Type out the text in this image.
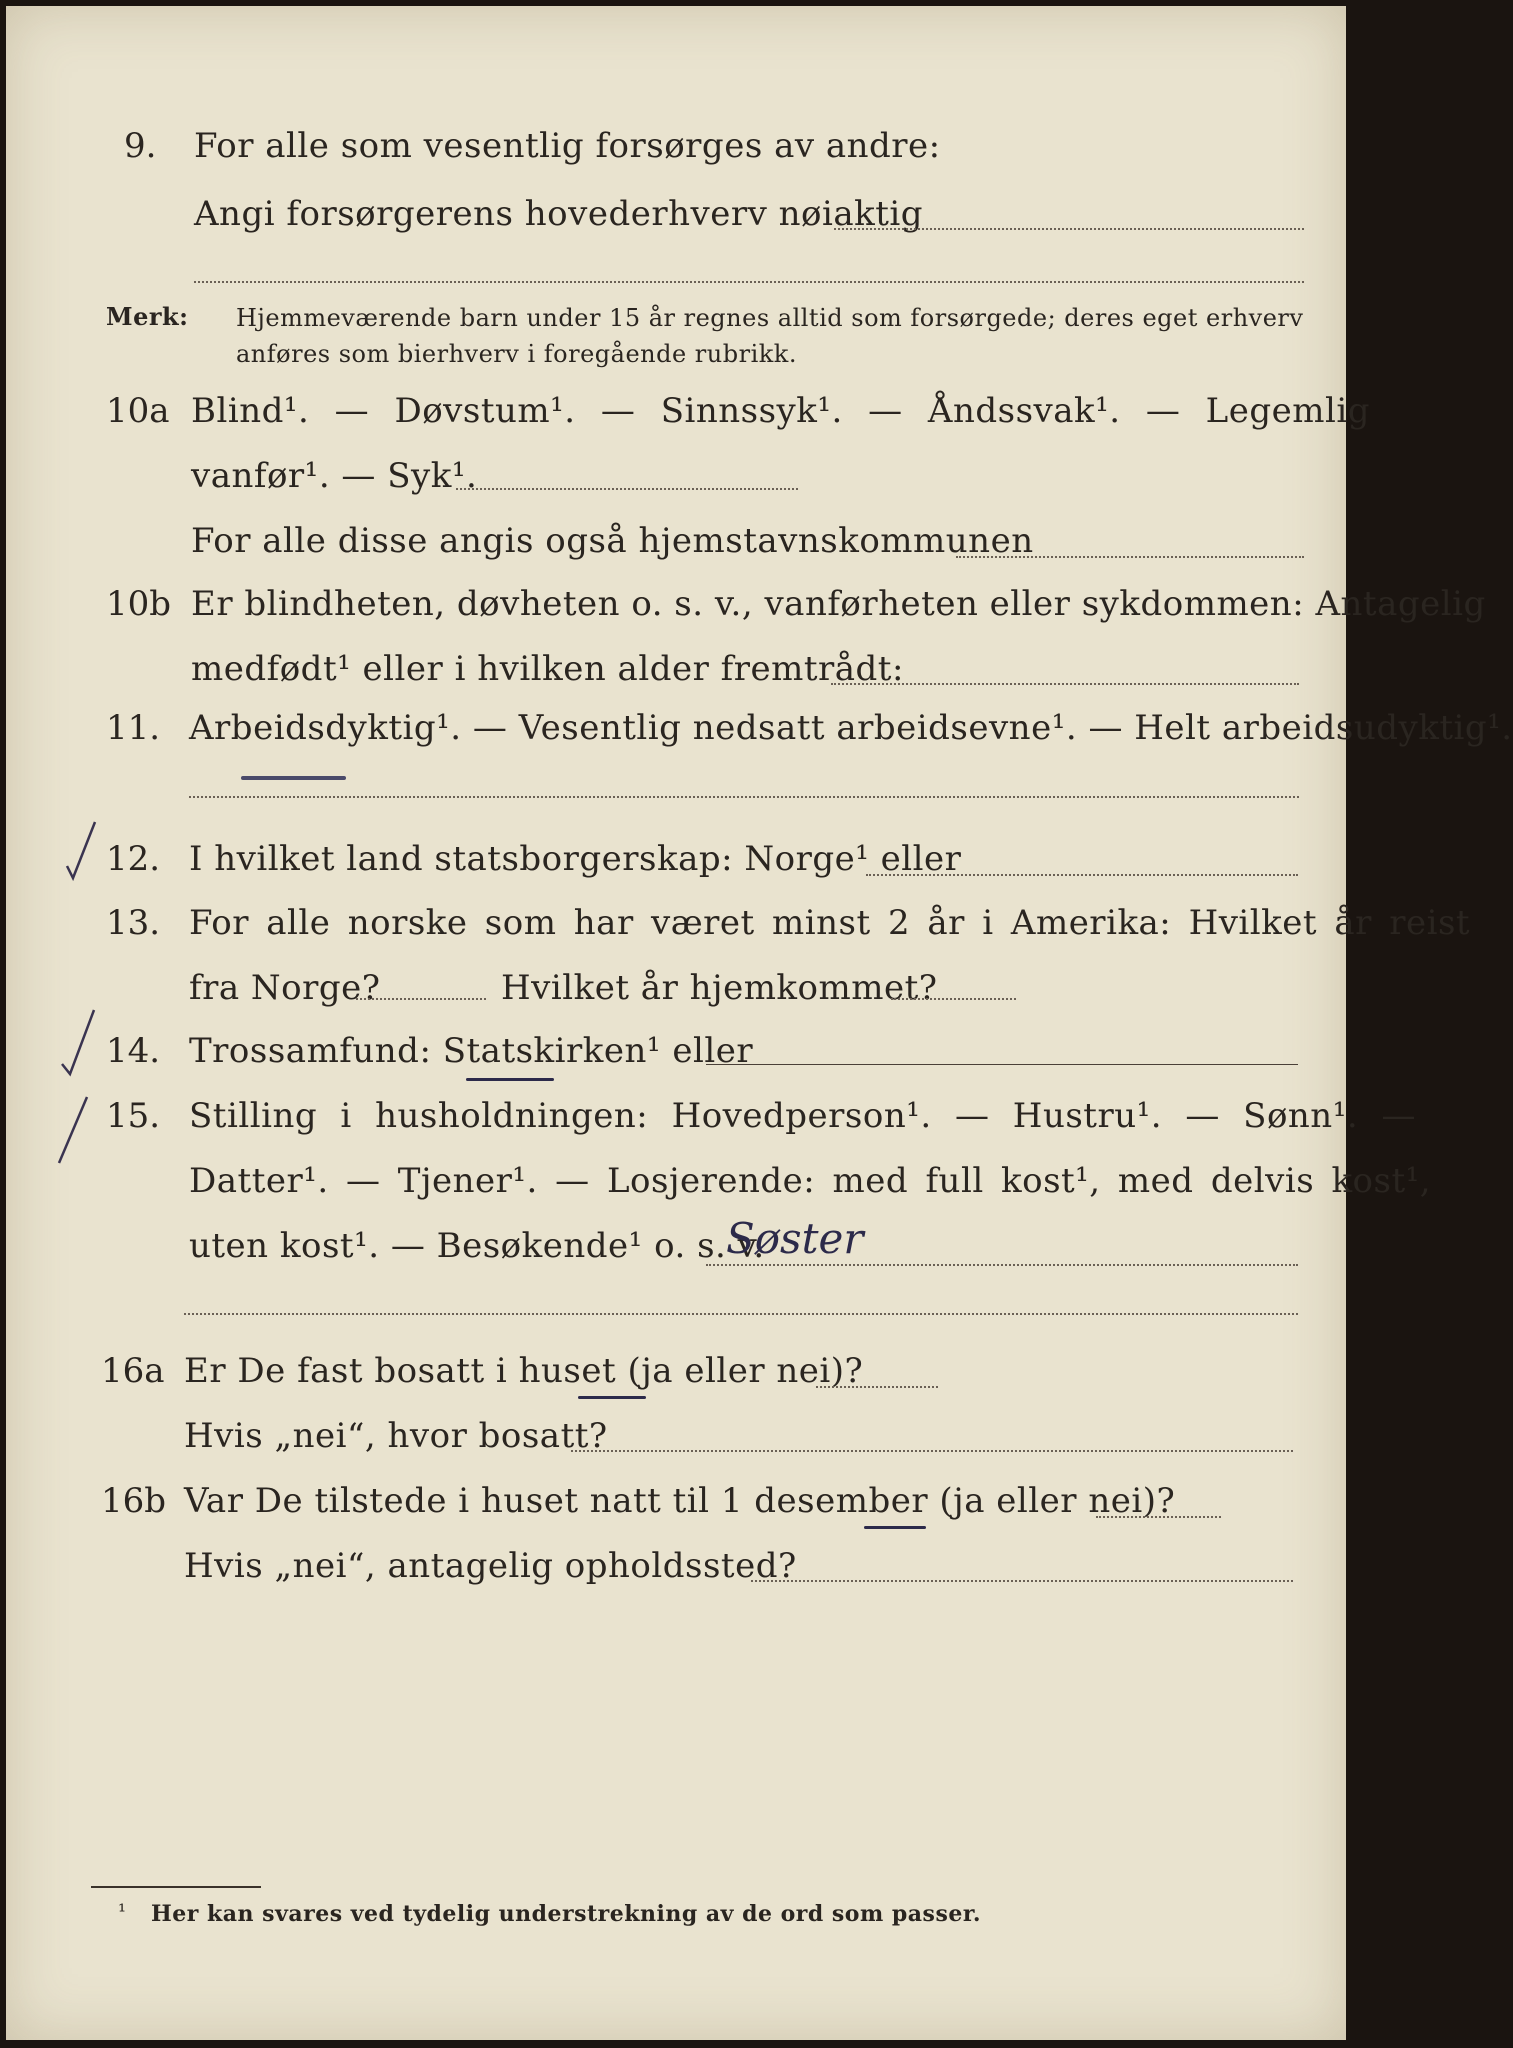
9. For alle som vesentlig forsørges av andre:
Angi forsørgerens hovederhverv nøiaktig
Merk: Hjemmeværende barn under 15 år regnes alltid som forsørgede; deres eget erhverv
anføres som bierhverv i foregående rubrikk.
10a Blind¹. — Døvstum¹. — Sinnssyk¹. — Åndssvak¹. — Legemlig
vanfør¹. — Syk¹.
For alle disse angis også hjemstavnskommunen
10b Er blindheten, døvheten o. s. v., vanførheten eller sykdommen: Antagelig
medfødt¹ eller i hvilken alder fremtrådt:
11. Arbeidsdyktig¹. — Vesentlig nedsatt arbeidsevne¹. — Helt arbeidsudyktig¹.
12. I hvilket land statsborgerskap: Norge¹ eller
13. For alle norske som har været minst 2 år i Amerika: Hvilket år reist
fra Norge?	Hvilket år hjemkommet?
14. Trossamfund: Statskirken¹ eller
15. Stilling i husholdningen: Hovedperson¹. — Hustru¹. — Sønn¹. —
Datter¹. — Tjener¹. — Losjerende: med full kost¹, med delvis kost¹,
uten kost¹. — Besøkende¹ o. s. v.
Søster
16a Er De fast bosatt i huset (ja eller nei)?
Hvis „nei“, hvor bosatt?
16b Var De tilstede i huset natt til 1 desember (ja eller nei)?
Hvis „nei“, antagelig opholdssted?
¹ Her kan svares ved tydelig understrekning av de ord som passer.
